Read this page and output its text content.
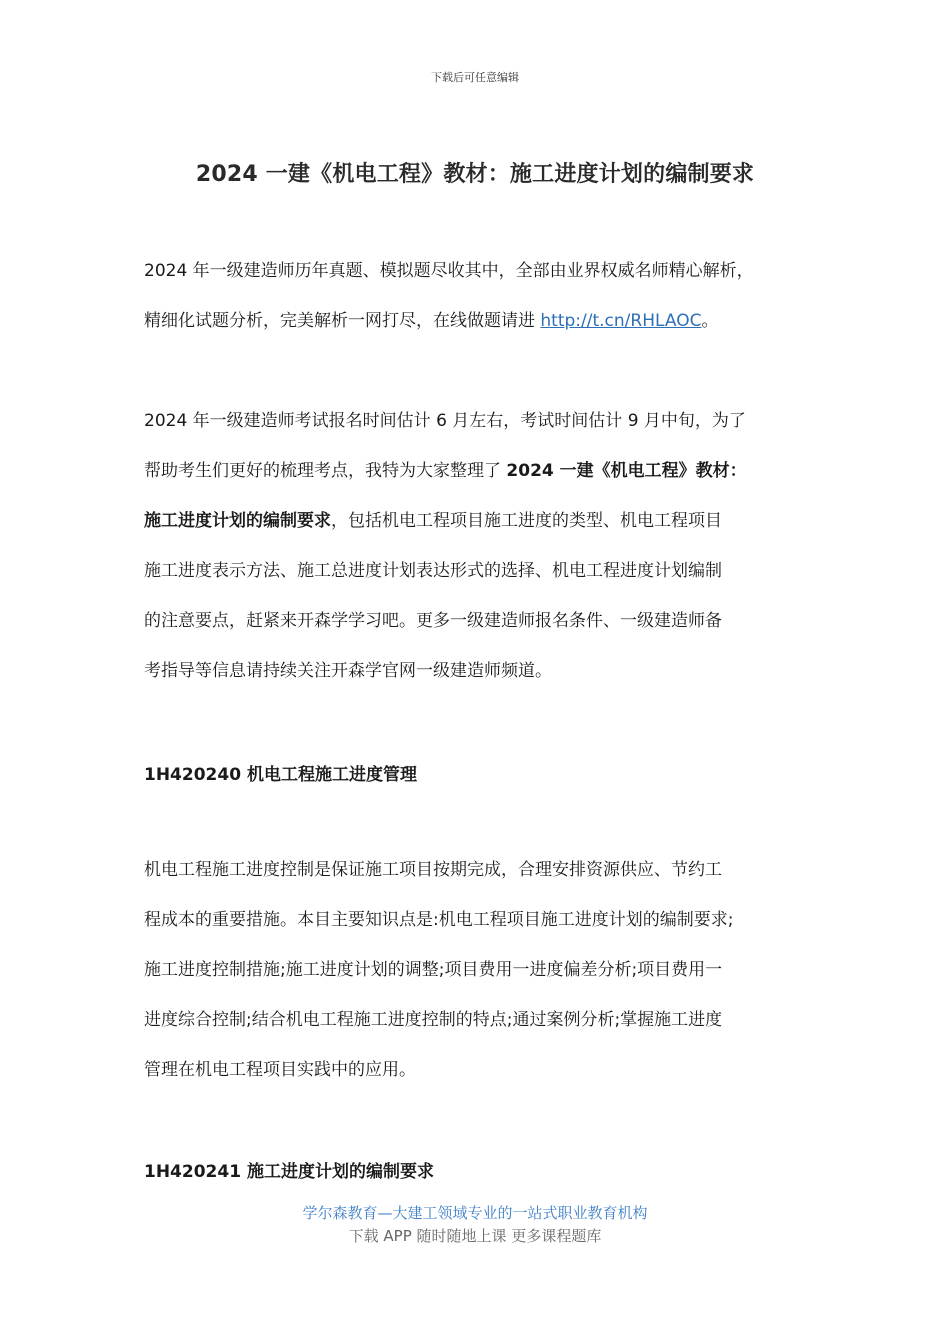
下载后可任意编辑
2024 一建《机电工程》教材：施工进度计划的编制要求

2024 年一级建造师历年真题、模拟题尽收其中，全部由业界权威名师精心解析，
精细化试题分析，完美解析一网打尽，在线做题请进 http://t.cn/RHLAOC。

2024 年一级建造师考试报名时间估计 6 月左右，考试时间估计 9 月中旬，为了
帮助考生们更好的梳理考点，我特为大家整理了 2024 一建《机电工程》教材：
施工进度计划的编制要求，包括机电工程项目施工进度的类型、机电工程项目
施工进度表示方法、施工总进度计划表达形式的选择、机电工程进度计划编制
的注意要点，赶紧来开森学学习吧。更多一级建造师报名条件、一级建造师备
考指导等信息请持续关注开森学官网一级建造师频道。

1H420240 机电工程施工进度管理

机电工程施工进度控制是保证施工项目按期完成，合理安排资源供应、节约工
程成本的重要措施。本目主要知识点是:机电工程项目施工进度计划的编制要求;
施工进度控制措施;施工进度计划的调整;项目费用一进度偏差分析;项目费用一
进度综合控制;结合机电工程施工进度控制的特点;通过案例分析;掌握施工进度
管理在机电工程项目实践中的应用。

1H420241 施工进度计划的编制要求
学尔森教育—大建工领域专业的一站式职业教育机构
下载 APP 随时随地上课 更多课程题库
